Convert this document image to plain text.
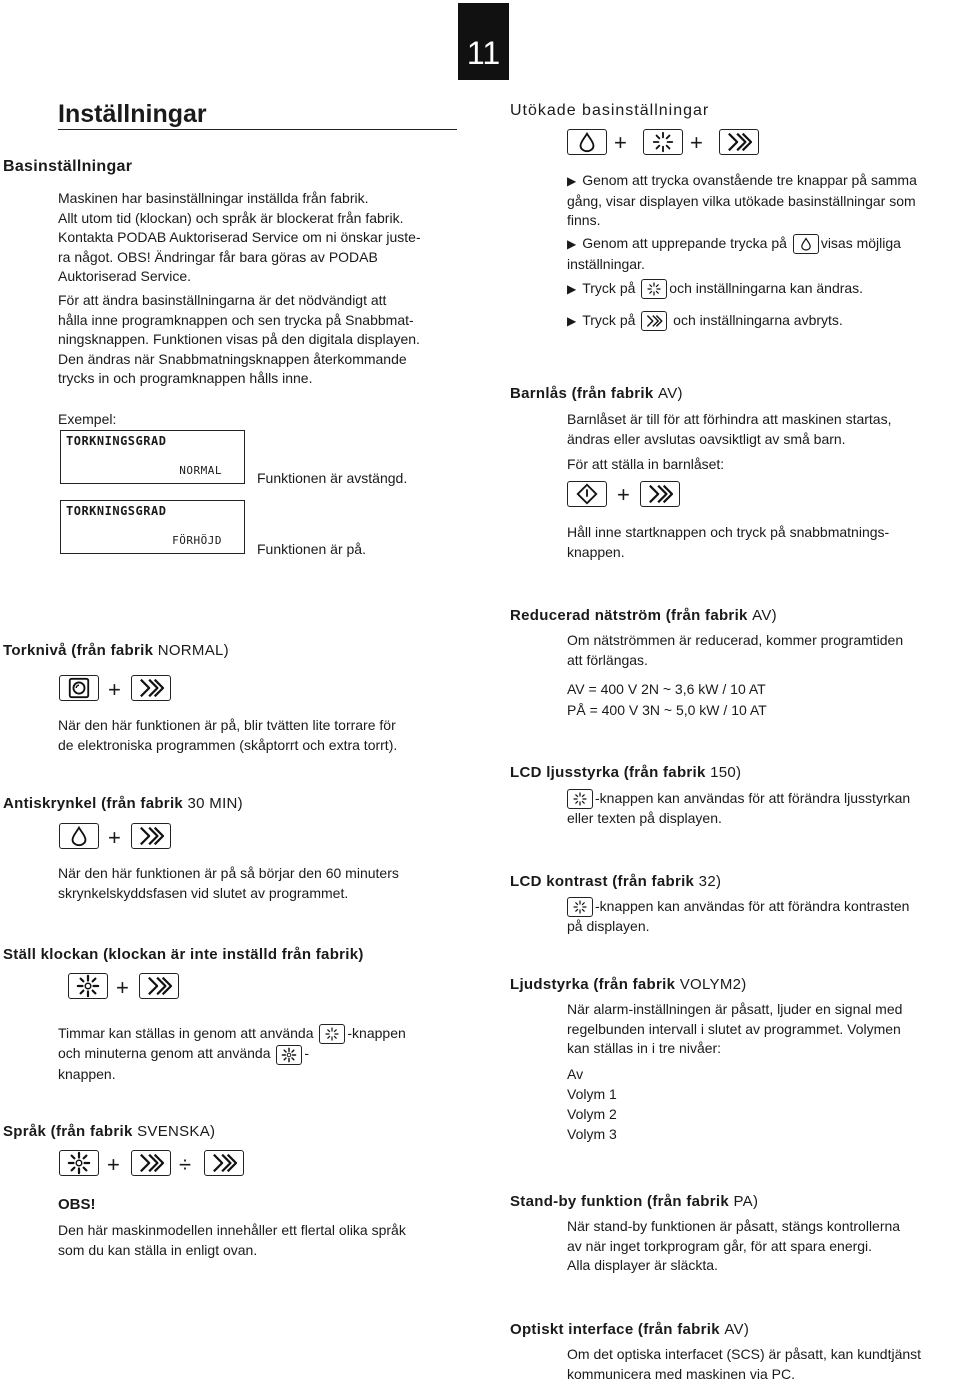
11
Inställningar
Basinställningar

Maskinen har basinställningar inställda från fabrik.

Allt utom tid (klockan) och språk är blockerat från fabrik.

Kontakta PODAB Auktoriserad Service om ni önskar juste-

ra något. OBS! Ändringar får bara göras av PODAB

Auktoriserad Service.

För att ändra basinställningarna är det nödvändigt att

hålla inne programknappen och sen trycka på Snabbmat-

ningsknappen. Funktionen visas på den digitala displayen.

Den ändras när Snabbmatningsknappen återkommande

trycks in och programknappen hålls inne.

Exempel:
TORKNINGSGRAD
NORMAL	Funktionen är avstängd.
TORKNINGSGRAD
FÖRHÖJD
Funktionen är på.
Utökade basinställningar
+	+

▶ Genom att trycka ovanstående tre knappar på samma

gång, visar displayen vilka utökade basinställningar som

finns.

▶ Genom att upprepande trycka på visas möjliga

inställningar.

▶ Tryck på och inställningarna kan ändras.

▶ Tryck på	och inställningarna avbryts.

Barnlås (från fabrik AV)

Barnlåset är till för att förhindra att maskinen startas,

ändras eller avslutas oavsiktligt av små barn.

För att ställa in barnlåset:
+

Håll inne startknappen och tryck på snabbmatnings-

knappen.

Torknivå (från fabrik NORMAL)
+

När den här funktionen är på, blir tvätten lite torrare för

de elektroniska programmen (skåptorrt och extra torrt).

Antiskrynkel (från fabrik 30 MIN)
+

När den här funktionen är på så börjar den 60 minuters

skrynkelskyddsfasen vid slutet av programmet.

Ställ klockan (klockan är inte inställd från fabrik)
+

Timmar kan ställas in genom att använda -knappen

och minuterna genom att använda -

knappen.

Språk (från fabrik SVENSKA)
+	÷
OBS!

Den här maskinmodellen innehåller ett flertal olika språk

som du kan ställa in enligt ovan.

Reducerad nätström (från fabrik AV)

Om nätströmmen är reducerad, kommer programtiden

att förlängas.

AV = 400 V 2N ~ 3,6 kW / 10 AT

PÅ = 400 V 3N ~ 5,0 kW / 10 AT

LCD ljusstyrka (från fabrik 150)

-knappen kan användas för att förändra ljusstyrkan

eller texten på displayen.

LCD kontrast (från fabrik 32)

-knappen kan användas för att förändra kontrasten

på displayen.

Ljudstyrka (från fabrik VOLYM2)

När alarm-inställningen är påsatt, ljuder en signal med

regelbunden intervall i slutet av programmet. Volymen

kan ställas in i tre nivåer:

Av

Volym 1

Volym 2

Volym 3

Stand-by funktion (från fabrik PA)

När stand-by funktionen är påsatt, stängs kontrollerna

av när inget torkprogram går, för att spara energi.

Alla displayer är släckta.

Optiskt interface (från fabrik AV)

Om det optiska interfacet (SCS) är påsatt, kan kundtjänst

kommunicera med maskinen via PC.
